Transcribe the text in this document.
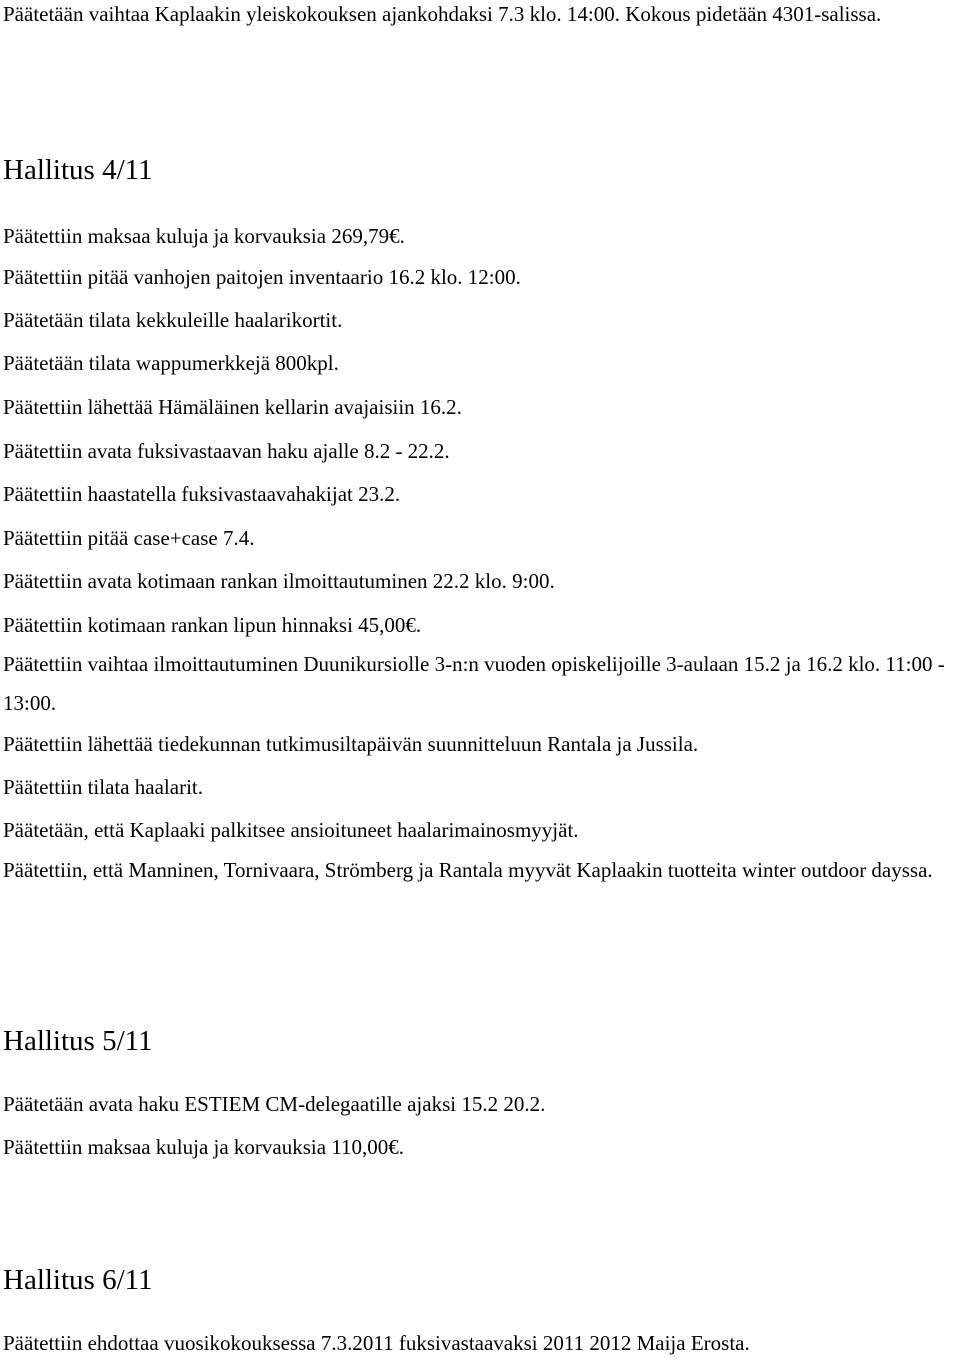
Päätetään vaihtaa Kaplaakin yleiskokouksen ajankohdaksi 7.3 klo. 14:00. Kokous pidetään 4301-salissa.
Hallitus 4/11
Päätettiin maksaa kuluja ja korvauksia 269,79€.
Päätettiin pitää vanhojen paitojen inventaario 16.2 klo. 12:00.
Päätetään tilata kekkuleille haalarikortit.
Päätetään tilata wappumerkkejä 800kpl.
Päätettiin lähettää Hämäläinen kellarin avajaisiin 16.2.
Päätettiin avata fuksivastaavan haku ajalle 8.2 - 22.2.
Päätettiin haastatella fuksivastaavahakijat 23.2.
Päätettiin pitää case+case 7.4.
Päätettiin avata kotimaan rankan ilmoittautuminen 22.2 klo. 9:00.
Päätettiin kotimaan rankan lipun hinnaksi 45,00€.
Päätettiin vaihtaa ilmoittautuminen Duunikursiolle 3-n:n vuoden opiskelijoille 3-aulaan 15.2 ja 16.2 klo. 11:00 - 13:00.
Päätettiin lähettää tiedekunnan tutkimusiltapäivän suunnitteluun Rantala ja Jussila.
Päätettiin tilata haalarit.
Päätetään, että Kaplaaki palkitsee ansioituneet haalarimainosmyyjät.
Päätettiin, että Manninen, Tornivaara, Strömberg ja Rantala myyvät Kaplaakin tuotteita winter outdoor dayssa.
Hallitus 5/11
Päätetään avata haku ESTIEM CM-delegaatille ajaksi 15.2 20.2.
Päätettiin maksaa kuluja ja korvauksia 110,00€.
Hallitus 6/11
Päätettiin ehdottaa vuosikokouksessa 7.3.2011 fuksivastaavaksi 2011 2012 Maija Erosta.
